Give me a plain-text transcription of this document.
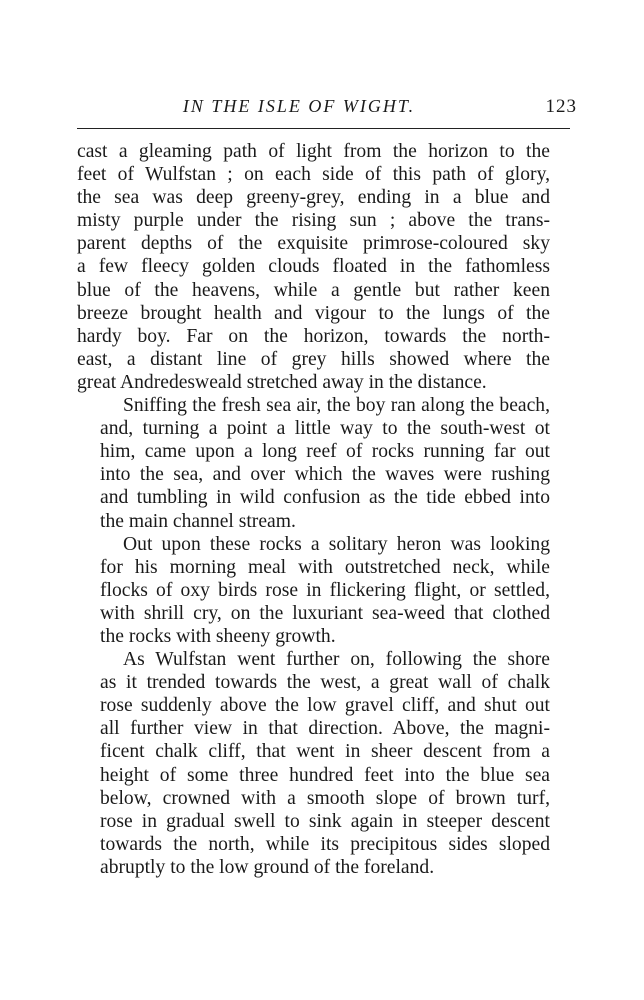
IN THE ISLE OF WIGHT.	123

cast a gleaming path of light from the horizon to the
feet of Wulfstan ; on each side of this path of glory,
the sea was deep greeny-grey, ending in a blue and
misty purple under the rising sun ; above the trans-
parent depths of the exquisite primrose-coloured sky
a few fleecy golden clouds floated in the fathomless
blue of the heavens, while a gentle but rather keen
breeze brought health and vigour to the lungs of the
hardy boy. Far on the horizon, towards the north-
east, a distant line of grey hills showed where the
great Andredesweald stretched away in the distance.

Sniffing the fresh sea air, the boy ran along the beach,
and, turning a point a little way to the south-west ot
him, came upon a long reef of rocks running far out
into the sea, and over which the waves were rushing
and tumbling in wild confusion as the tide ebbed into
the main channel stream.

Out upon these rocks a solitary heron was looking
for his morning meal with outstretched neck, while
flocks of oxy birds rose in flickering flight, or settled,
with shrill cry, on the luxuriant sea-weed that clothed
the rocks with sheeny growth.

As Wulfstan went further on, following the shore
as it trended towards the west, a great wall of chalk
rose suddenly above the low gravel cliff, and shut out
all further view in that direction. Above, the magni-
ficent chalk cliff, that went in sheer descent from a
height of some three hundred feet into the blue sea
below, crowned with a smooth slope of brown turf,
rose in gradual swell to sink again in steeper descent
towards the north, while its precipitous sides sloped
abruptly to the low ground of the foreland.
